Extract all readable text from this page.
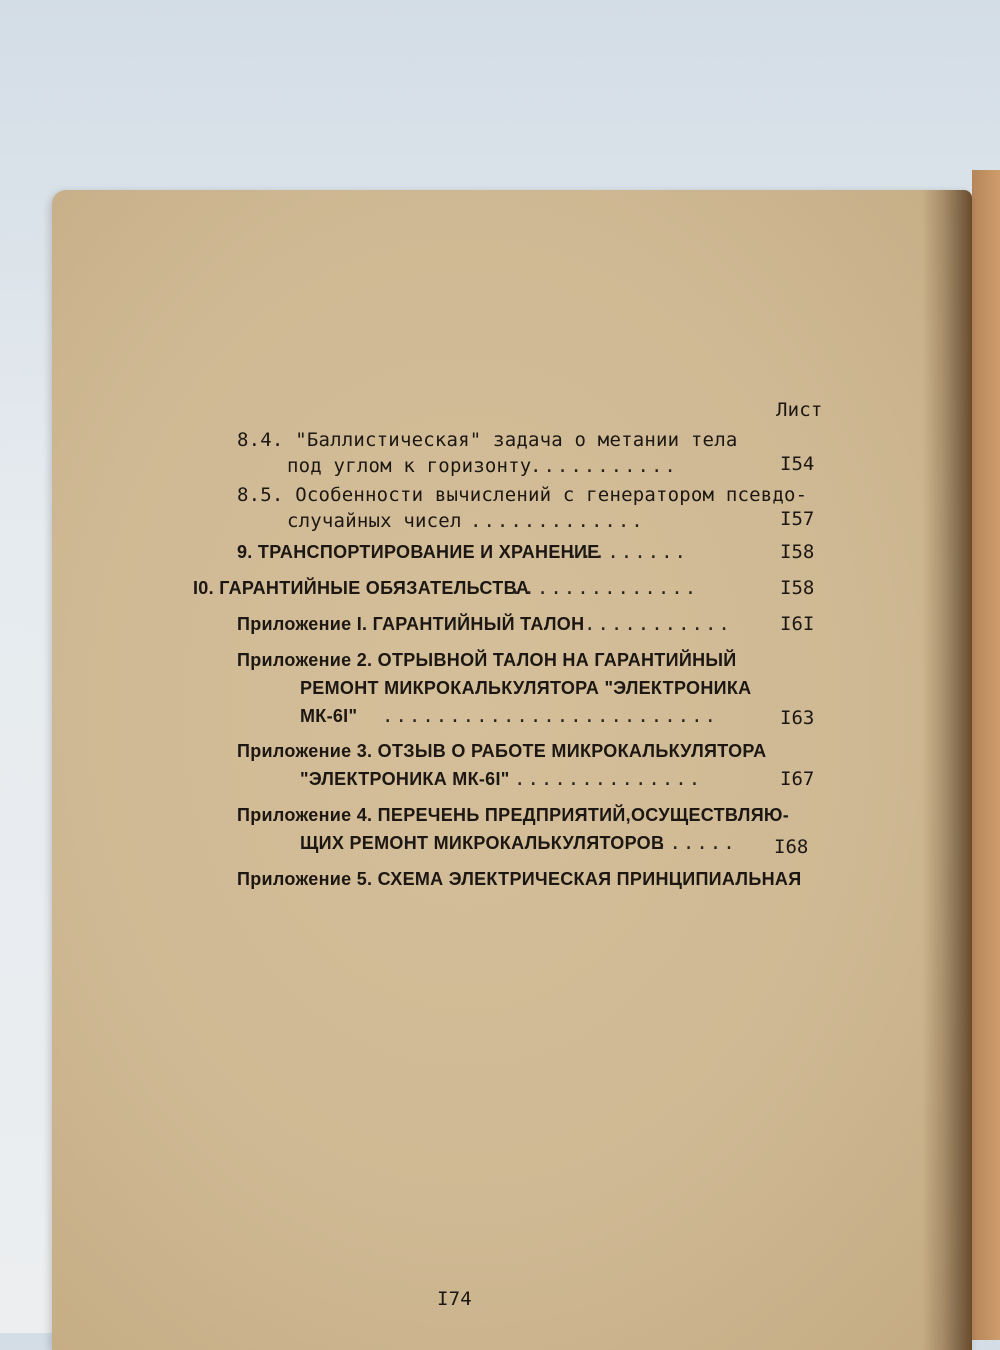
Лист
8.4. "Баллистическая" задача о метании тела
под углом к горизонту
...........	I54
8.5. Особенности вычислений с генератором псевдо-
случайных чисел .............	I57
9. ТРАНСПОРТИРОВАНИЕ И ХРАНЕНИЕ
.........	I58
I0. ГАРАНТИЙНЫЕ ОБЯЗАТЕЛЬСТВА
..............	I58
Приложение I. ГАРАНТИЙНЫЙ ТАЛОН ...........	I6I
Приложение 2. ОТРЫВНОЙ ТАЛОН НА ГАРАНТИЙНЫЙ
РЕМОНТ МИКРОКАЛЬКУЛЯТОРА "ЭЛЕКТРОНИКА
МК-6I" .........................	I63
Приложение 3. ОТЗЫВ О РАБОТЕ МИКРОКАЛЬКУЛЯТОРА
"ЭЛЕКТРОНИКА МК-6I" ..............	I67
Приложение 4. ПЕРЕЧЕНЬ ПРЕДПРИЯТИЙ,ОСУЩЕСТВЛЯЮ-
ЩИХ РЕМОНТ МИКРОКАЛЬКУЛЯТОРОВ
...... I68
Приложение 5. СХЕМА ЭЛЕКТРИЧЕСКАЯ ПРИНЦИПИАЛЬНАЯ
I74
